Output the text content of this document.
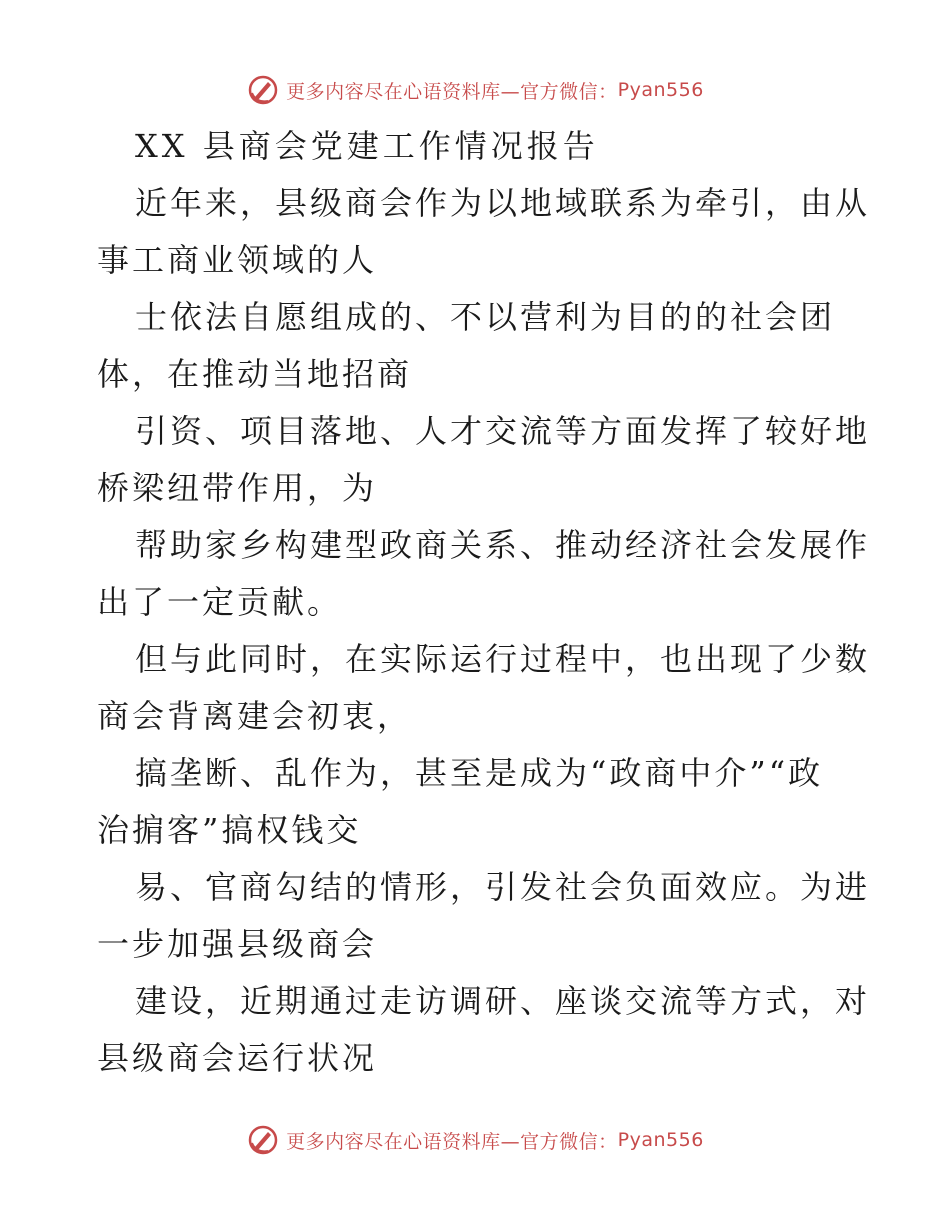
更多内容尽在心语资料库—官方微信： Pyan556
XX 县商会党建工作情况报告
近年来，县级商会作为以地域联系为牵引，由从
事工商业领域的人
士依法自愿组成的、不以营利为目的的社会团
体，在推动当地招商
引资、项目落地、人才交流等方面发挥了较好地
桥梁纽带作用，为
帮助家乡构建型政商关系、推动经济社会发展作
出了一定贡献。
但与此同时，在实际运行过程中，也出现了少数
商会背离建会初衷，
搞垄断、乱作为，甚至是成为“政商中介”“政
治掮客”搞权钱交
易、官商勾结的情形，引发社会负面效应。为进
一步加强县级商会
建设，近期通过走访调研、座谈交流等方式，对
县级商会运行状况
更多内容尽在心语资料库—官方微信： Pyan556
